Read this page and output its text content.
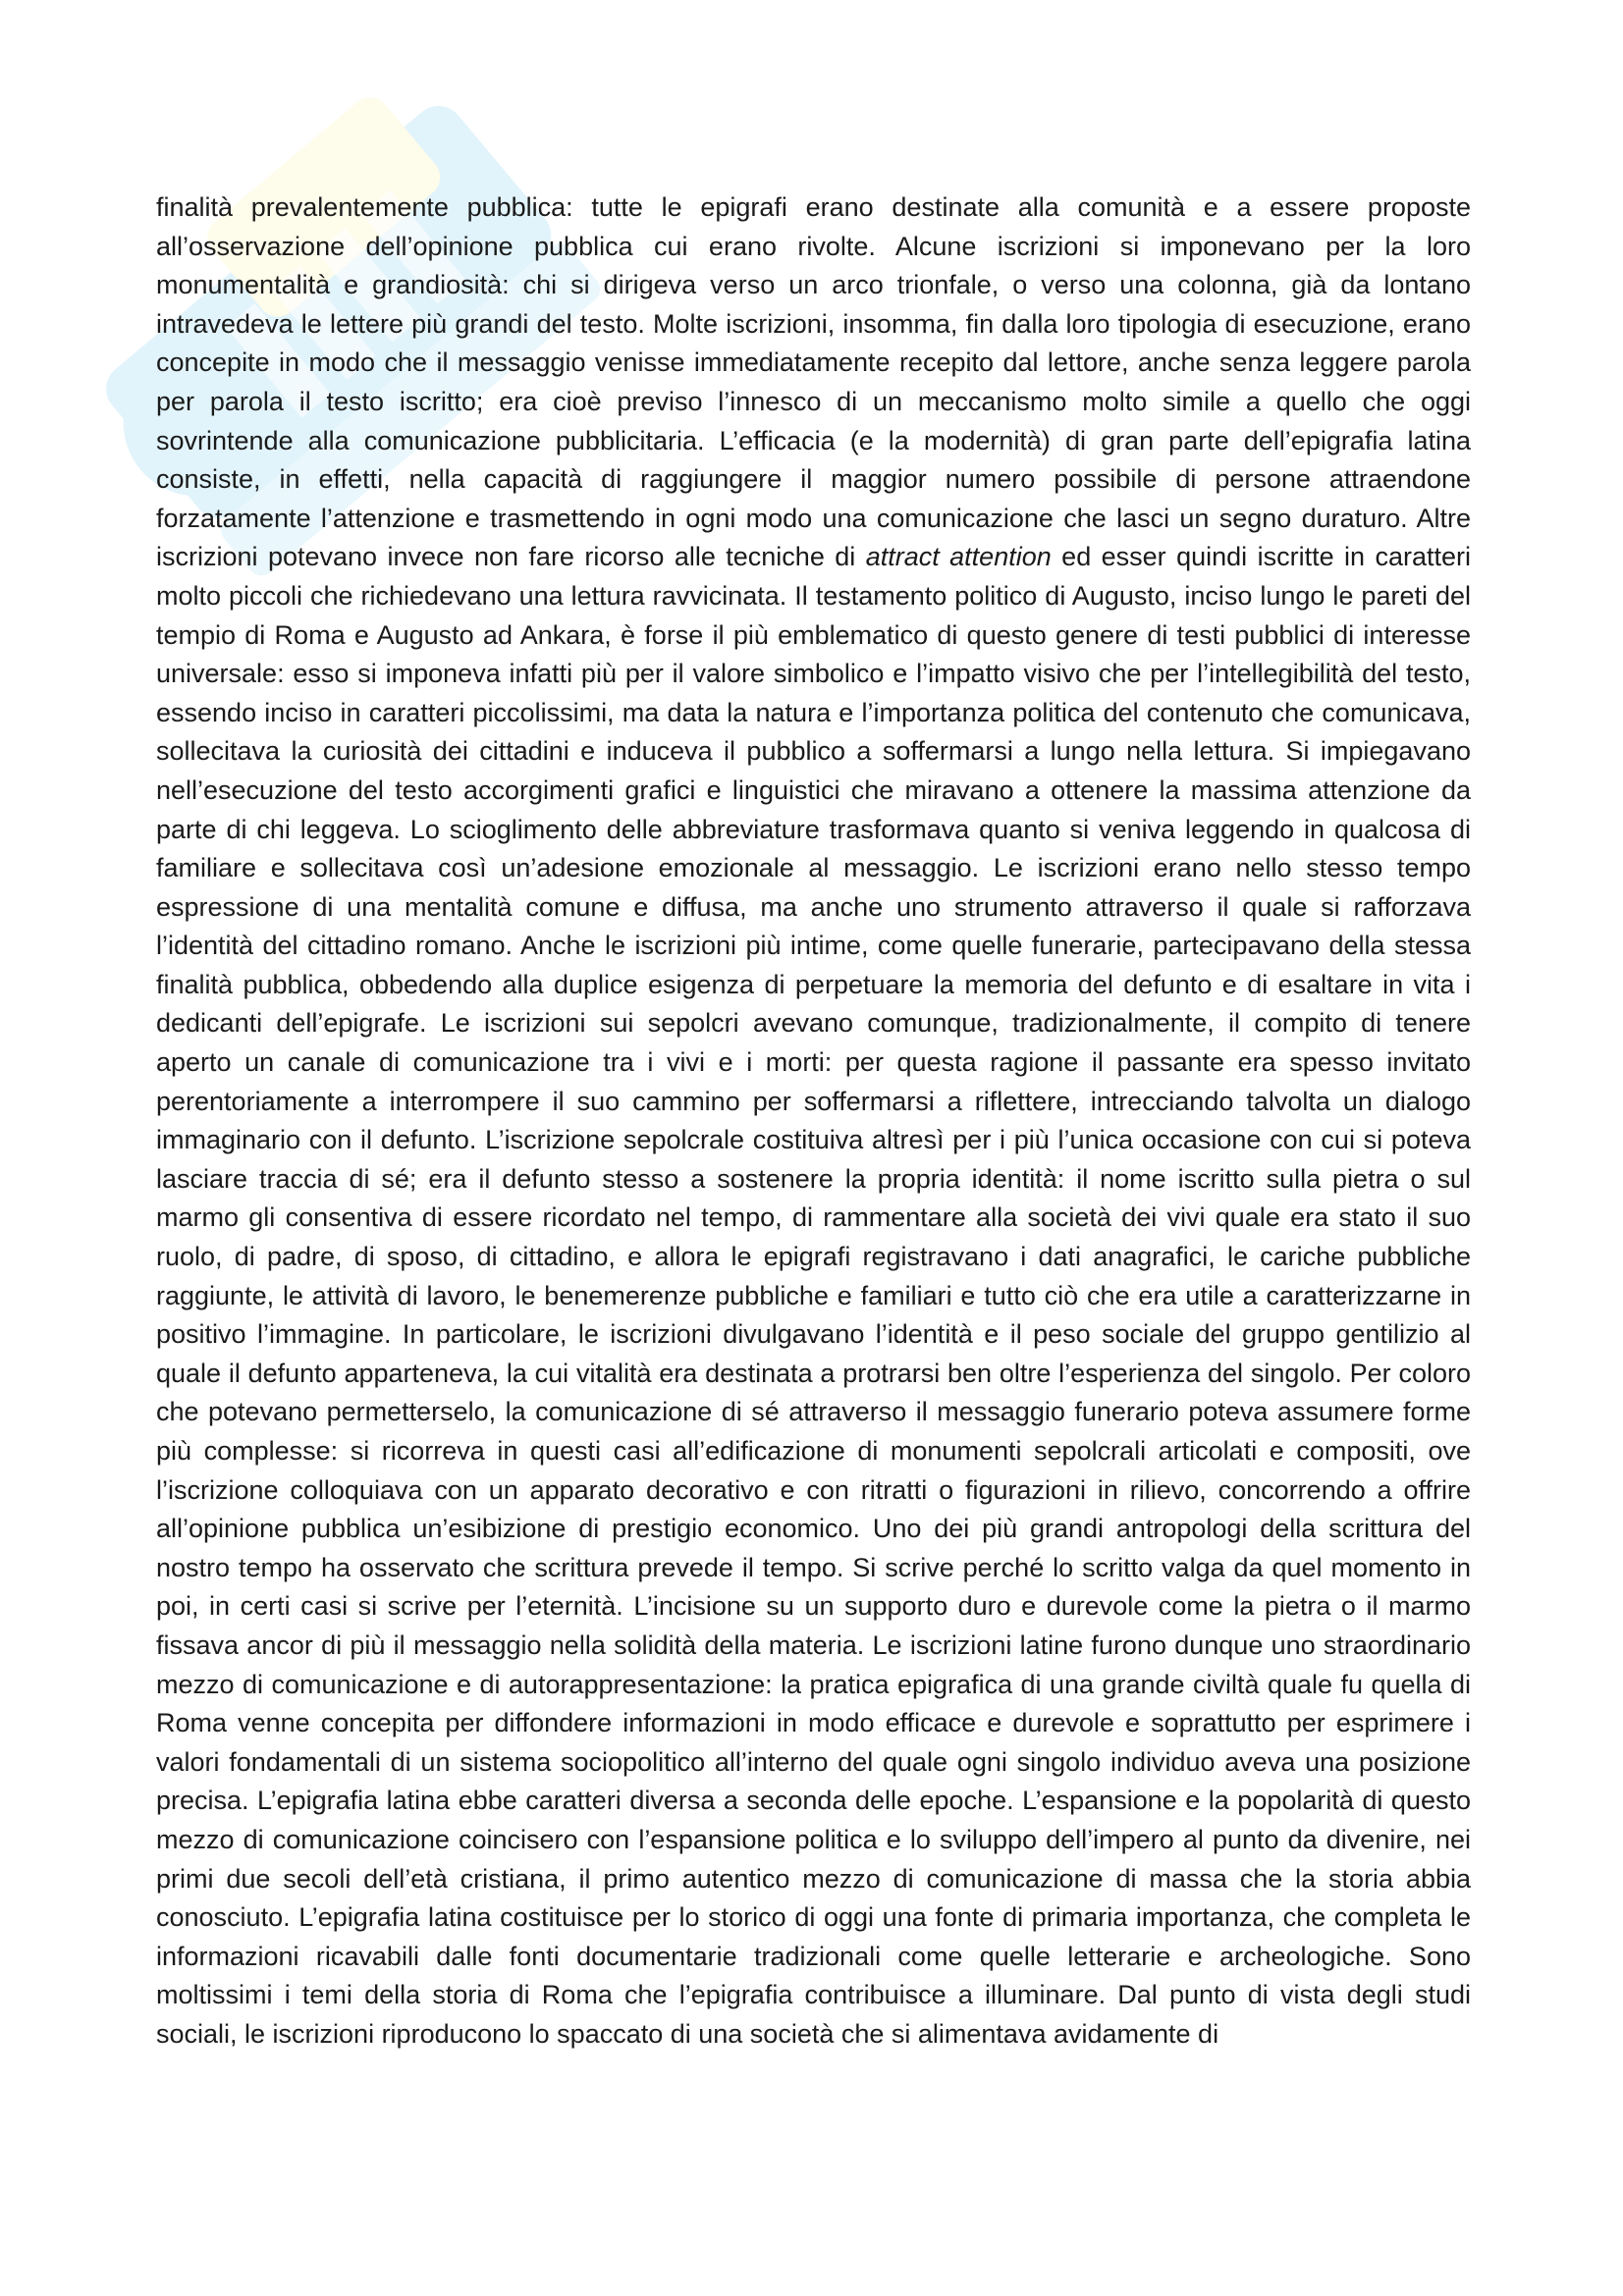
finalità prevalentemente pubblica: tutte le epigrafi erano destinate alla comunità e a essere proposte all’osservazione dell’opinione pubblica cui erano rivolte. Alcune iscrizioni si imponevano per la loro monumentalità e grandiosità: chi si dirigeva verso un arco trionfale, o verso una colonna, già da lontano intravedeva le lettere più grandi del testo. Molte iscrizioni, insomma, fin dalla loro tipologia di esecuzione, erano concepite in modo che il messaggio venisse immediatamente recepito dal lettore, anche senza leggere parola per parola il testo iscritto; era cioè previso l’innesco di un meccanismo molto simile a quello che oggi sovrintende alla comunicazione pubblicitaria. L’efficacia (e la modernità) di gran parte dell’epigrafia latina consiste, in effetti, nella capacità di raggiungere il maggior numero possibile di persone attraendone forzatamente l’attenzione e trasmettendo in ogni modo una comunicazione che lasci un segno duraturo. Altre iscrizioni potevano invece non fare ricorso alle tecniche di attract attention ed esser quindi iscritte in caratteri molto piccoli che richiedevano una lettura ravvicinata. Il testamento politico di Augusto, inciso lungo le pareti del tempio di Roma e Augusto ad Ankara, è forse il più emblematico di questo genere di testi pubblici di interesse universale: esso si imponeva infatti più per il valore simbolico e l’impatto visivo che per l’intellegibilità del testo, essendo inciso in caratteri piccolissimi, ma data la natura e l’importanza politica del contenuto che comunicava, sollecitava la curiosità dei cittadini e induceva il pubblico a soffermarsi a lungo nella lettura. Si impiegavano nell’esecuzione del testo accorgimenti grafici e linguistici che miravano a ottenere la massima attenzione da parte di chi leggeva. Lo scioglimento delle abbreviature trasformava quanto si veniva leggendo in qualcosa di familiare e sollecitava così un’adesione emozionale al messaggio. Le iscrizioni erano nello stesso tempo espressione di una mentalità comune e diffusa, ma anche uno strumento attraverso il quale si rafforzava l’identità del cittadino romano. Anche le iscrizioni più intime, come quelle funerarie, partecipavano della stessa finalità pubblica, obbedendo alla duplice esigenza di perpetuare la memoria del defunto e di esaltare in vita i dedicanti dell’epigrafe. Le iscrizioni sui sepolcri avevano comunque, tradizionalmente, il compito di tenere aperto un canale di comunicazione tra i vivi e i morti: per questa ragione il passante era spesso invitato perentoriamente a interrompere il suo cammino per soffermarsi a riflettere, intrecciando talvolta un dialogo immaginario con il defunto. L’iscrizione sepolcrale costituiva altresì per i più l’unica occasione con cui si poteva lasciare traccia di sé; era il defunto stesso a sostenere la propria identità: il nome iscritto sulla pietra o sul marmo gli consentiva di essere ricordato nel tempo, di rammentare alla società dei vivi quale era stato il suo ruolo, di padre, di sposo, di cittadino, e allora le epigrafi registravano i dati anagrafici, le cariche pubbliche raggiunte, le attività di lavoro, le benemerenze pubbliche e familiari e tutto ciò che era utile a caratterizzarne in positivo l’immagine. In particolare, le iscrizioni divulgavano l’identità e il peso sociale del gruppo gentilizio al quale il defunto apparteneva, la cui vitalità era destinata a protrarsi ben oltre l’esperienza del singolo. Per coloro che potevano permetterselo, la comunicazione di sé attraverso il messaggio funerario poteva assumere forme più complesse: si ricorreva in questi casi all’edificazione di monumenti sepolcrali articolati e compositi, ove l’iscrizione colloquiava con un apparato decorativo e con ritratti o figurazioni in rilievo, concorrendo a offrire all’opinione pubblica un’esibizione di prestigio economico. Uno dei più grandi antropologi della scrittura del nostro tempo ha osservato che scrittura prevede il tempo. Si scrive perché lo scritto valga da quel momento in poi, in certi casi si scrive per l’eternità. L’incisione su un supporto duro e durevole come la pietra o il marmo fissava ancor di più il messaggio nella solidità della materia. Le iscrizioni latine furono dunque uno straordinario mezzo di comunicazione e di autorappresentazione: la pratica epigrafica di una grande civiltà quale fu quella di Roma venne concepita per diffondere informazioni in modo efficace e durevole e soprattutto per esprimere i valori fondamentali di un sistema sociopolitico all’interno del quale ogni singolo individuo aveva una posizione precisa. L’epigrafia latina ebbe caratteri diversa a seconda delle epoche. L’espansione e la popolarità di questo mezzo di comunicazione coincisero con l’espansione politica e lo sviluppo dell’impero al punto da divenire, nei primi due secoli dell’età cristiana, il primo autentico mezzo di comunicazione di massa che la storia abbia conosciuto. L’epigrafia latina costituisce per lo storico di oggi una fonte di primaria importanza, che completa le informazioni ricavabili dalle fonti documentarie tradizionali come quelle letterarie e archeologiche. Sono moltissimi i temi della storia di Roma che l’epigrafia contribuisce a illuminare. Dal punto di vista degli studi sociali, le iscrizioni riproducono lo spaccato di una società che si alimentava avidamente di
